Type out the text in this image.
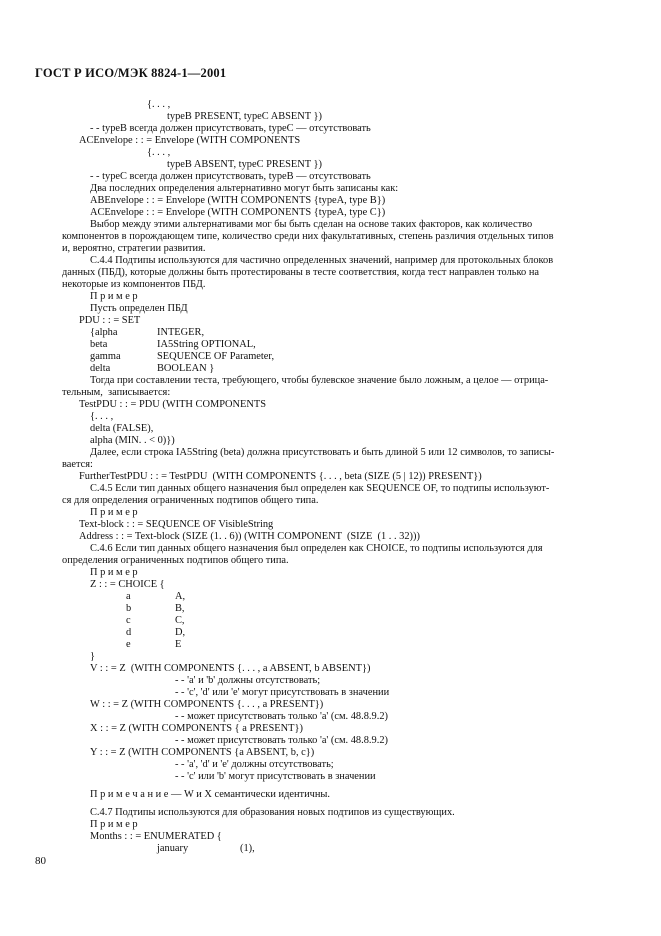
ГОСТ Р ИСО/МЭК 8824-1—2001
{. . . ,
typeB PRESENT, typeC ABSENT })
- - typeB всегда должен присутствовать, typeC — отсутствовать
ACEnvelope : : = Envelope (WITH COMPONENTS
{. . . ,
typeB ABSENT, typeC PRESENT })
- - typeC всегда должен присутствовать, typeB — отсутствовать
Два последних определения альтернативно могут быть записаны как:
ABEnvelope : : = Envelope (WITH COMPONENTS {typeA, type B})
ACEnvelope : : = Envelope (WITH COMPONENTS {typeA, type C})
Выбор между этими альтернативами мог бы быть сделан на основе таких факторов, как количество
компонентов в порождающем типе, количество среди них факультативных, степень различия отдельных типов
и, вероятно, стратегии развития.
C.4.4 Подтипы используются для частично определенных значений, например для протокольных блоков
данных (ПБД), которые должны быть протестированы в тесте соответствия, когда тест направлен только на
некоторые из компонентов ПБД.
П р и м е р
Пусть определен ПБД
PDU : : = SET
{alpha	INTEGER,
beta	IA5String OPTIONAL,
gamma	SEQUENCE OF Parameter,
delta	BOOLEAN }
Тогда при составлении теста, требующего, чтобы булевское значение было ложным, а целое — отрица-
тельным,  записывается:
TestPDU : : = PDU (WITH COMPONENTS
{. . . ,
delta (FALSE),
alpha (MIN. . < 0)})
Далее, если строка IA5String (beta) должна присутствовать и быть длиной 5 или 12 символов, то записы-
вается:
FurtherTestPDU : : = TestPDU  (WITH COMPONENTS {. . . , beta (SIZE (5 | 12)) PRESENT})
C.4.5 Если тип данных общего назначения был определен как SEQUENCE OF, то подтипы используют-
ся для определения ограниченных подтипов общего типа.
П р и м е р
Text-block : : = SEQUENCE OF VisibleString
Address : : = Text-block (SIZE (1. . 6)) (WITH COMPONENT  (SIZE  (1 . . 32)))
C.4.6 Если тип данных общего назначения был определен как CHOICE, то подтипы используются для
определения ограниченных подтипов общего типа.
П р и м е р
Z : : = CHOICE {
a	A,
b	B,
c	C,
d	D,
e	E
}
V : : = Z  (WITH COMPONENTS {. . . , a ABSENT, b ABSENT})
- - 'a' и 'b' должны отсутствовать;
- - 'c', 'd' или 'e' могут присутствовать в значении
W : : = Z (WITH COMPONENTS {. . . , a PRESENT})
- - может присутствовать только 'a' (см. 48.8.9.2)
X : : = Z (WITH COMPONENTS { a PRESENT})
- - может присутствовать только 'a' (см. 48.8.9.2)
Y : : = Z (WITH COMPONENTS {a ABSENT, b, c})
- - 'a', 'd' и 'e' должны отсутствовать;
- - 'c' или 'b' могут присутствовать в значении
П р и м е ч а н и е — W и X семантически идентичны.
C.4.7 Подтипы используются для образования новых подтипов из существующих.
П р и м е р
Months : : = ENUMERATED {
january	(1),
80
